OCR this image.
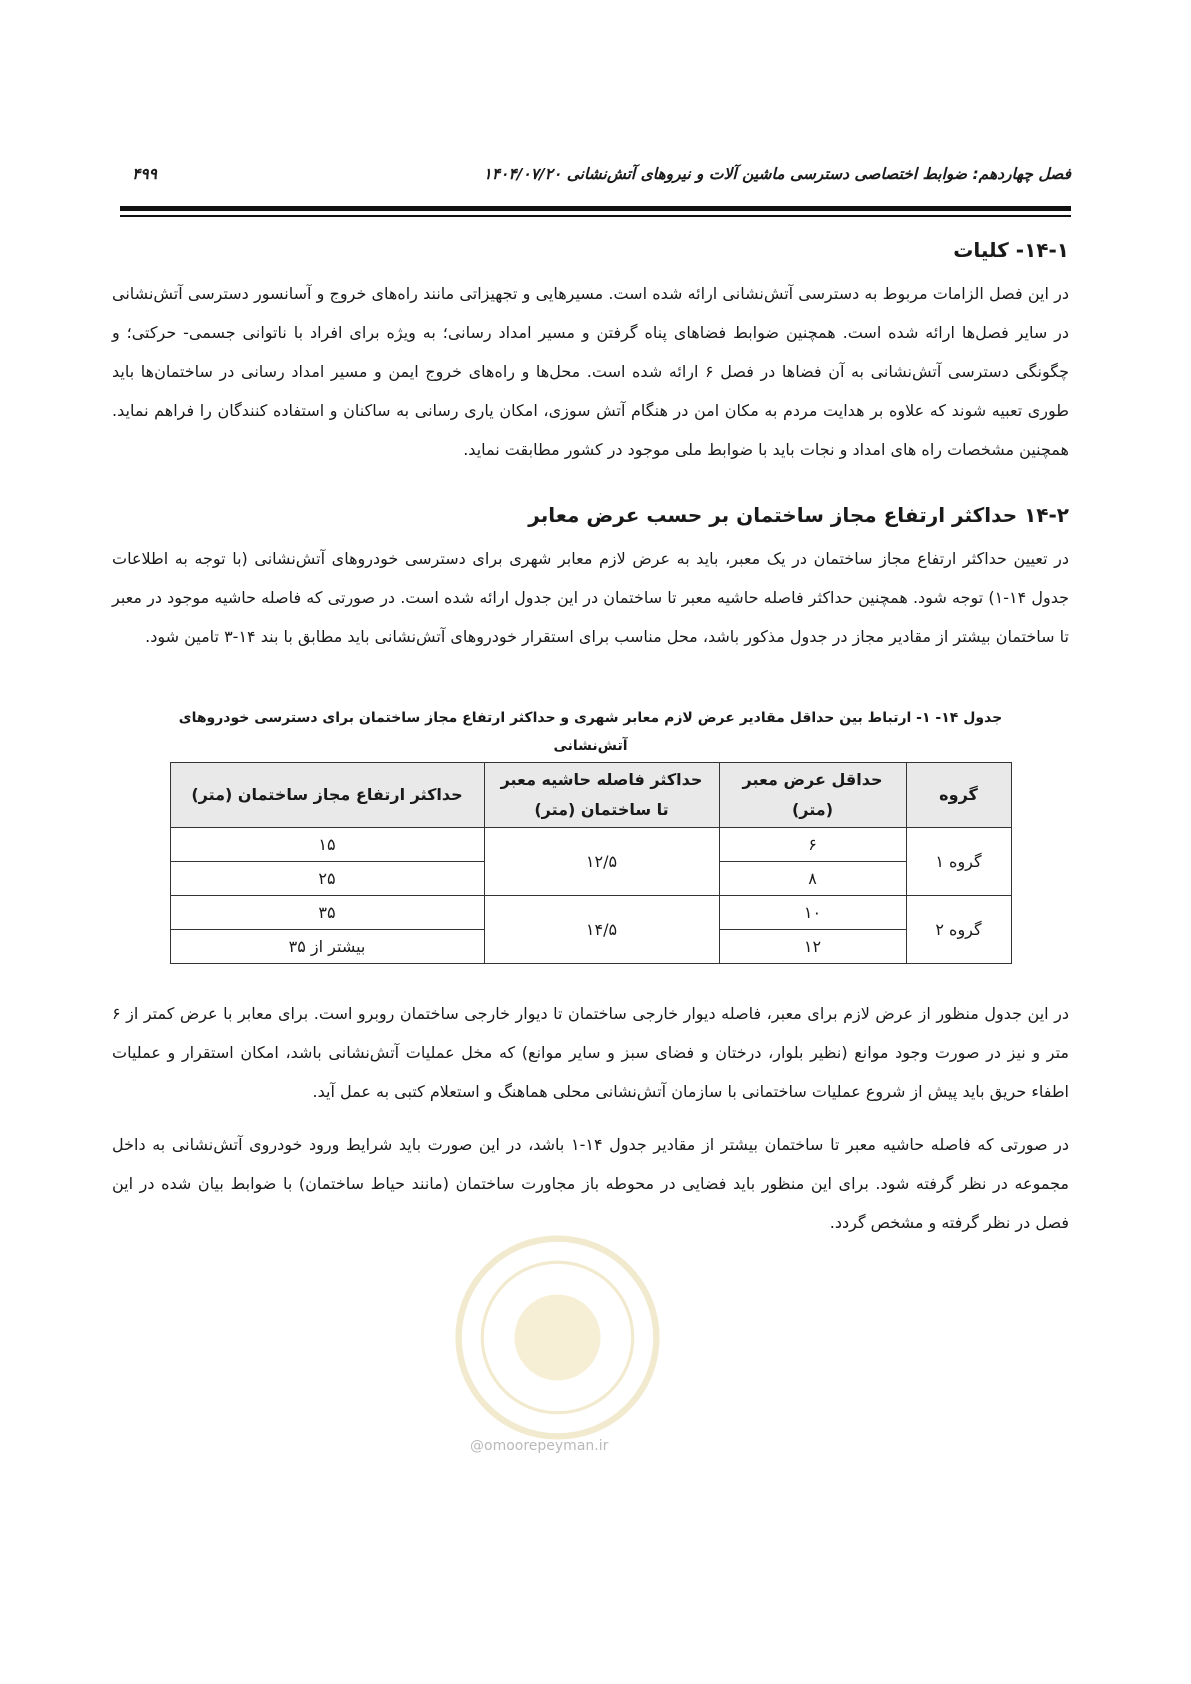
فصل چهاردهم: ضوابط اختصاصی دسترسی ماشین آلات و نیروهای آتش‌نشانی ۱۴۰۴/۰۷/۲۰
۴۹۹
@omoorepeyman.ir
۱۴-۱- کلیات

در این فصل الزامات مربوط به دسترسی آتش‌نشانی ارائه شده است. مسیرهایی و تجهیزاتی مانند راه‌های خروج و آسانسور دسترسی آتش‌نشانی در سایر فصل‌ها ارائه شده است. همچنین ضوابط فضاهای پناه گرفتن و مسیر امداد رسانی؛ به ویژه برای افراد با ناتوانی جسمی- حرکتی؛ و چگونگی دسترسی آتش‌نشانی به آن فضاها در فصل ۶ ارائه شده است. محل‌ها و راه‌های خروج ایمن و مسیر امداد رسانی در ساختمان‌ها باید طوری تعبیه شوند که علاوه بر هدایت مردم به مکان امن در هنگام آتش سوزی، امکان یاری رسانی به ساکنان و استفاده کنندگان را فراهم نماید. همچنین مشخصات راه های امداد و نجات باید با ضوابط ملی موجود در کشور مطابقت نماید.

۱۴-۲ حداکثر ارتفاع مجاز ساختمان بر حسب عرض معابر

در تعیین حداکثر ارتفاع مجاز ساختمان در یک معبر، باید به عرض لازم معابر شهری برای دسترسی خودروهای آتش‌نشانی (با توجه به اطلاعات جدول ۱۴-۱) توجه شود. همچنین حداکثر فاصله حاشیه معبر تا ساختمان در این جدول ارائه شده است. در صورتی که فاصله حاشیه موجود در معبر تا ساختمان بیشتر از مقادیر مجاز در جدول مذکور باشد، محل مناسب برای استقرار خودروهای آتش‌نشانی باید مطابق با بند ۱۴-۳ تامین شود.

جدول ۱۴- ۱- ارتباط بین حداقل مقادیر عرض لازم معابر شهری و حداکثر ارتفاع مجاز ساختمان برای دسترسی خودروهای آتش‌نشانی
گروه	حداقل عرض معبر (متر)	حداکثر فاصله حاشیه معبر تا ساختمان (متر)	حداکثر ارتفاع مجاز ساختمان (متر)
گروه ۱	۶	۱۲/۵	۱۵
	۸		۲۵
گروه ۲	۱۰	۱۴/۵	۳۵
	۱۲		بیشتر از ۳۵

در این جدول منظور از عرض لازم برای معبر، فاصله دیوار خارجی ساختمان تا دیوار خارجی ساختمان روبرو است. برای معابر با عرض کمتر از ۶ متر و نیز در صورت وجود موانع (نظیر بلوار، درختان و فضای سبز و سایر موانع) که مخل عملیات آتش‌نشانی باشد، امکان استقرار و عملیات اطفاء حریق باید پیش از شروع عملیات ساختمانی با سازمان آتش‌نشانی محلی هماهنگ و استعلام کتبی به عمل آید.

در صورتی که فاصله حاشیه معبر تا ساختمان بیشتر از مقادیر جدول ۱۴-۱ باشد، در این صورت باید شرایط ورود خودروی آتش‌نشانی به داخل مجموعه در نظر گرفته شود. برای این منظور باید فضایی در محوطه باز مجاورت ساختمان (مانند حیاط ساختمان) با ضوابط بیان شده در این فصل در نظر گرفته و مشخص گردد.
